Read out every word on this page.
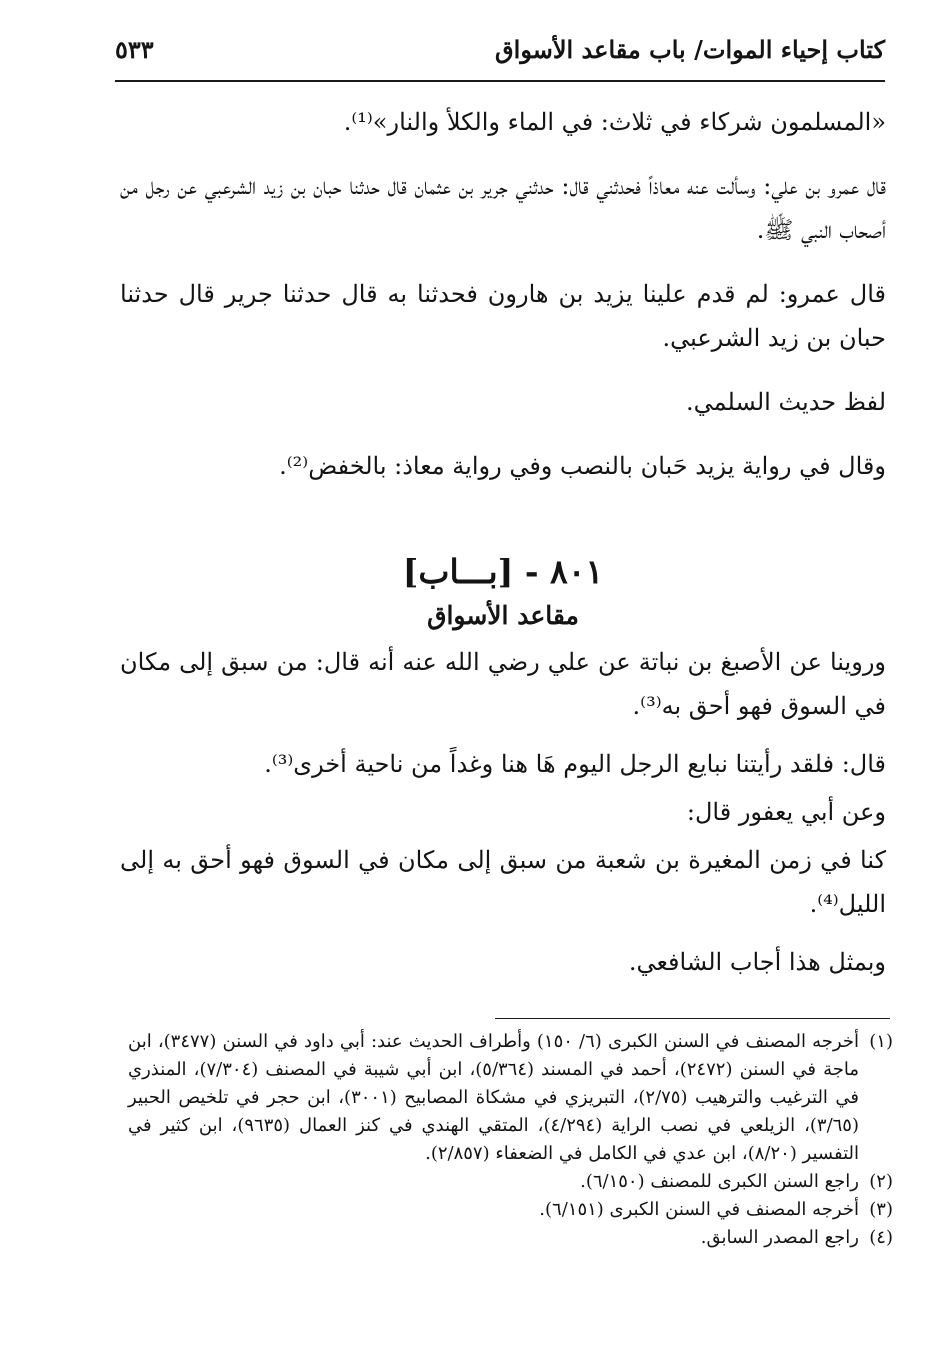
كتاب إحياء الموات/ باب مقاعد الأسواق
٥٣٣

«المسلمون شركاء في ثلاث: في الماء والكلأ والنار»⁽¹⁾.

قال عمرو بن علي: وسألت عنه معاذاً فحدثني قال: حدثني جرير بن عثمان قال حدثنا حبان بن زيد الشرعبي عن رجل من أصحاب النبي ﷺ.

قال عمرو: لم قدم علينا يزيد بن هارون فحدثنا به قال حدثنا جرير قال حدثنا حبان بن زيد الشرعبي.

لفظ حديث السلمي.

وقال في رواية يزيد حَبان بالنصب وفي رواية معاذ: بالخفض⁽²⁾.

٨٠١ - [بـــاب]
مقاعد الأسواق

وروينا عن الأصبغ بن نباتة عن علي رضي الله عنه أنه قال: من سبق إلى مكان في السوق فهو أحق به⁽³⁾.

قال: فلقد رأيتنا نبايع الرجل اليوم هَا هنا وغداً من ناحية أخرى⁽³⁾.

وعن أبي يعفور قال:

كنا في زمن المغيرة بن شعبة من سبق إلى مكان في السوق فهو أحق به إلى الليل⁽⁴⁾.

وبمثل هذا أجاب الشافعي.

(١)
أخرجه المصنف في السنن الكبرى (٦/ ١٥٠) وأطراف الحديث عند: أبي داود في السنن (٣٤٧٧)، ابن ماجة في السنن (٢٤٧٢)، أحمد في المسند (٥/٣٦٤)، ابن أبي شيبة في المصنف (٧/٣٠٤)، المنذري في الترغيب والترهيب (٢/٧٥)، التبريزي في مشكاة المصابيح (٣٠٠١)، ابن حجر في تلخيص الحبير (٣/٦٥)، الزيلعي في نصب الراية (٤/٢٩٤)، المتقي الهندي في كنز العمال (٩٦٣٥)، ابن كثير في التفسير (٨/٢٠)، ابن عدي في الكامل في الضعفاء (٢/٨٥٧).
(٢)
راجع السنن الكبرى للمصنف (٦/١٥٠).
(٣)
أخرجه المصنف في السنن الكبرى (٦/١٥١).
(٤)
راجع المصدر السابق.
